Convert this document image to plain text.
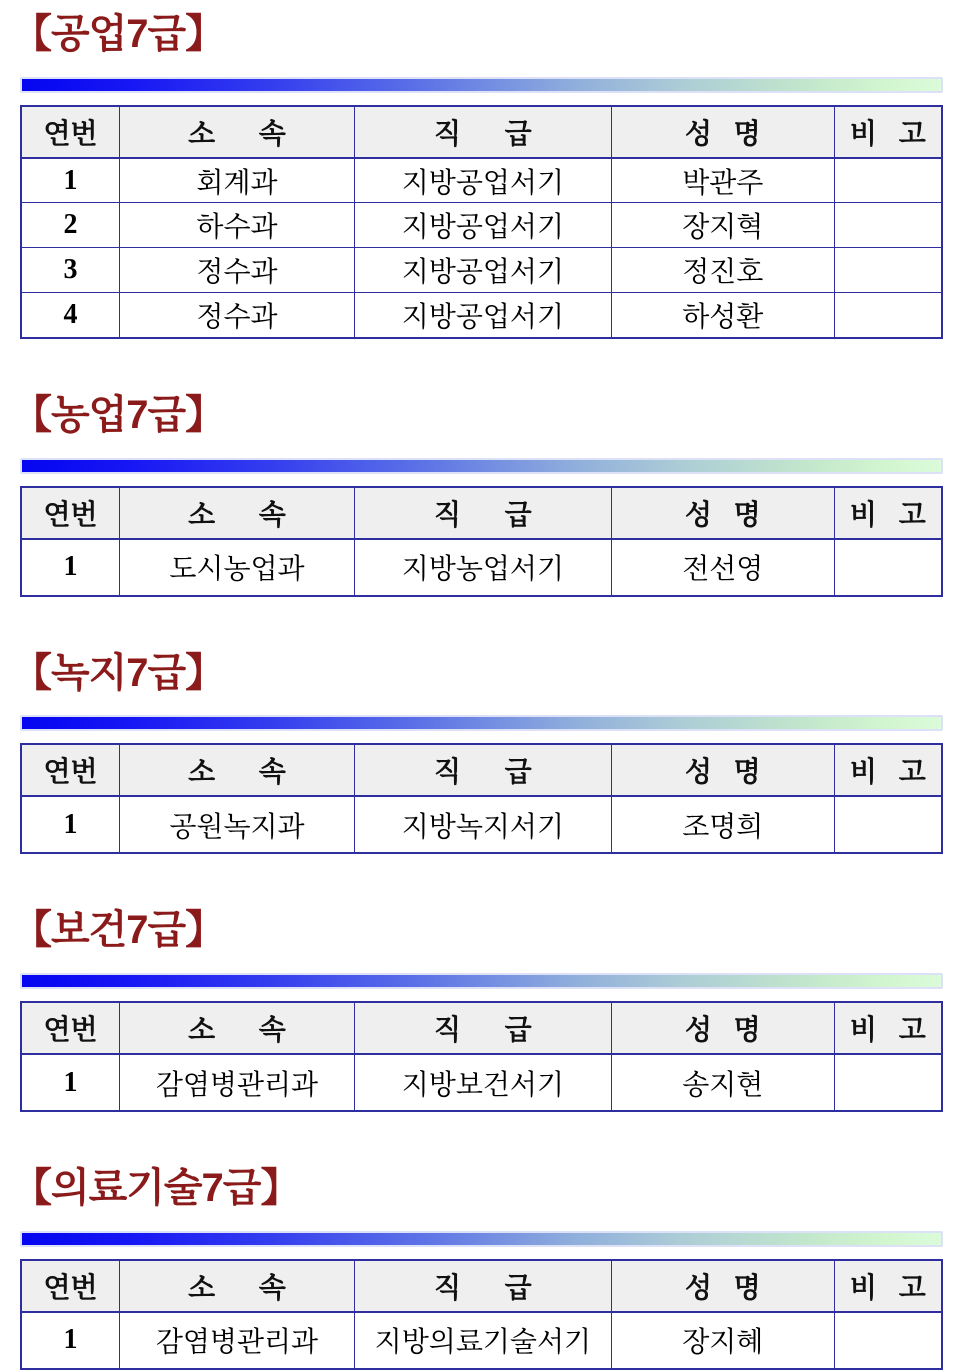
【공업7급】
연번	소  속	직  급	성 명	비 고
1	회계과	지방공업서기	박관주	
2	하수과	지방공업서기	장지혁	
3	정수과	지방공업서기	정진호	
4	정수과	지방공업서기	하성환	
【농업7급】
연번	소  속	직  급	성 명	비 고
1	도시농업과	지방농업서기	전선영	
【녹지7급】
연번	소  속	직  급	성 명	비 고
1	공원녹지과	지방녹지서기	조명희	
【보건7급】
연번	소  속	직  급	성 명	비 고
1	감염병관리과	지방보건서기	송지현	
【의료기술7급】
연번	소  속	직  급	성 명	비 고
1	감염병관리과	지방의료기술서기	장지혜	
